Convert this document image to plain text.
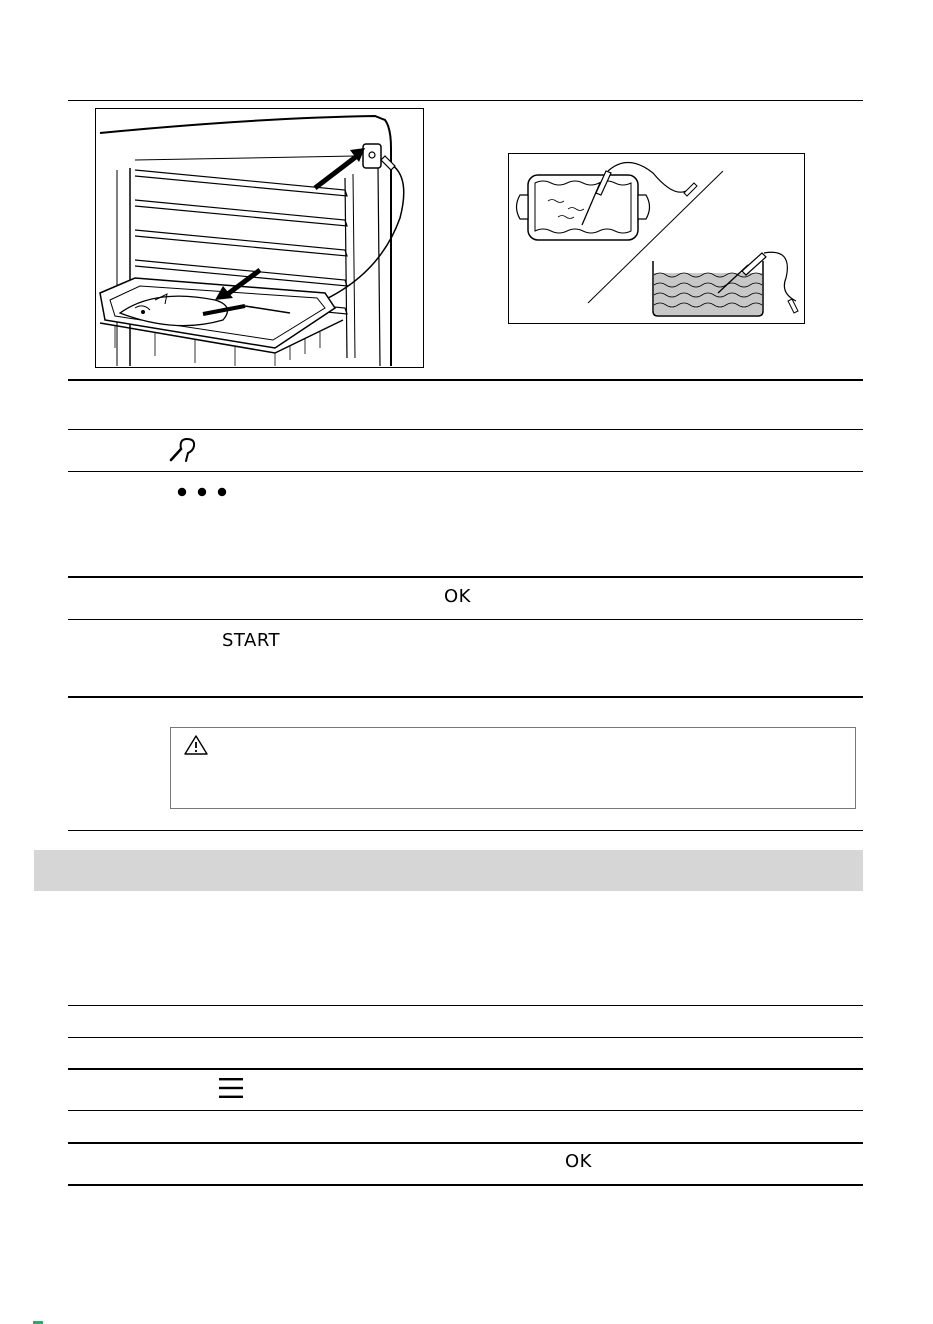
OK
START
OK
